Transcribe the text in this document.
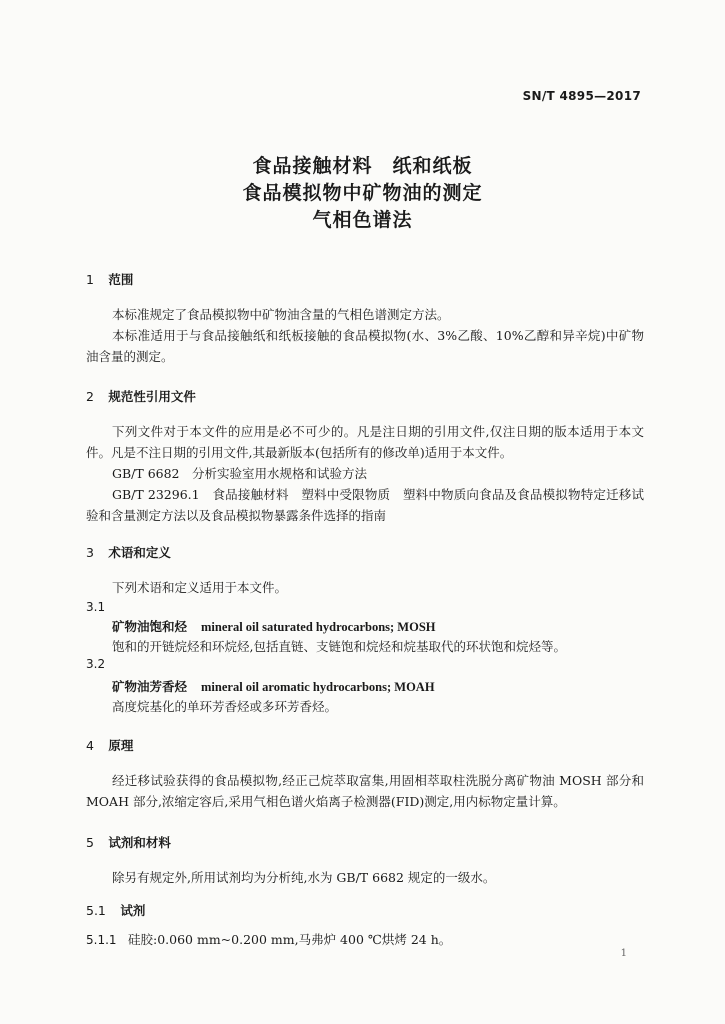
SN/T 4895—2017
食品接触材料　纸和纸板
食品模拟物中矿物油的测定
气相色谱法
1 范围
本标准规定了食品模拟物中矿物油含量的气相色谱测定方法。
本标准适用于与食品接触纸和纸板接触的食品模拟物(水、3%乙酸、10%乙醇和异辛烷)中矿物油含量的测定。
2 规范性引用文件
下列文件对于本文件的应用是必不可少的。凡是注日期的引用文件,仅注日期的版本适用于本文件。凡是不注日期的引用文件,其最新版本(包括所有的修改单)适用于本文件。
GB/T 6682　分析实验室用水规格和试验方法
GB/T 23296.1　食品接触材料　塑料中受限物质　塑料中物质向食品及食品模拟物特定迁移试验和含量测定方法以及食品模拟物暴露条件选择的指南
3 术语和定义
下列术语和定义适用于本文件。
3.1
矿物油饱和烃 mineral oil saturated hydrocarbons; MOSH
饱和的开链烷烃和环烷烃,包括直链、支链饱和烷烃和烷基取代的环状饱和烷烃等。
3.2
矿物油芳香烃 mineral oil aromatic hydrocarbons; MOAH
高度烷基化的单环芳香烃或多环芳香烃。
4 原理
经迁移试验获得的食品模拟物,经正己烷萃取富集,用固相萃取柱洗脱分离矿物油 MOSH 部分和 MOAH 部分,浓缩定容后,采用气相色谱火焰离子检测器(FID)测定,用内标物定量计算。
5 试剂和材料
除另有规定外,所用试剂均为分析纯,水为 GB/T 6682 规定的一级水。
5.1 试剂
5.1.1 硅胶:0.060 mm~0.200 mm,马弗炉 400 ℃烘烤 24 h。
1
